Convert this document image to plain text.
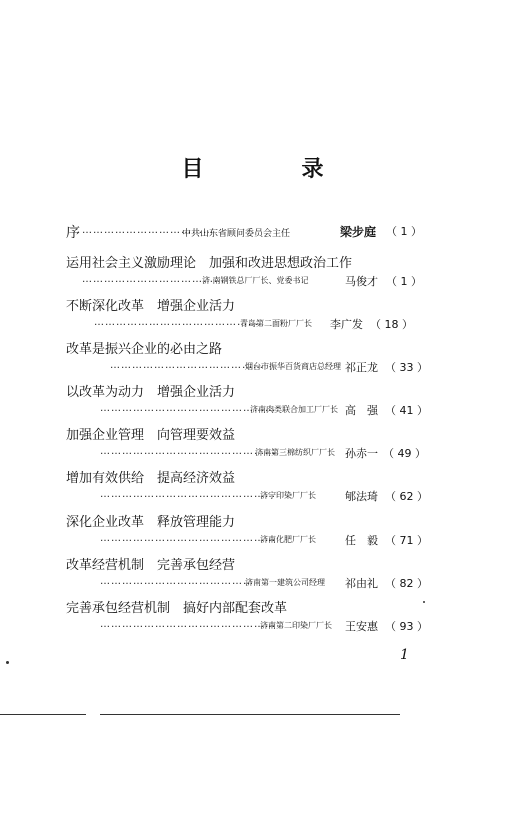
目　录
序 ………………………………
中共山东省顾问委员会主任	梁步庭 （ 1 ）
运用社会主义激励理论　加强和改进思想政治工作
…………………………………
济 南钢铁总厂厂长、党委书记	马俊才 （ 1 ）
不断深化改革　增强企业活力
………………………………………
青岛第二面粉厂厂长 李广发 （ 18 ）
改革是振兴企业的必由之路
……………………………………
烟台市振华百货商店总经理 祁正龙 （ 33 ）
以改革为动力　增强企业活力
…………………………………………
济南肉类联合加工厂厂长 高　强 （ 41 ）
加强企业管理　向管理要效益
…………………………………………
济南第三棉纺织厂厂长 孙赤一 （ 49 ）
增加有效供给　提高经济效益
…………………………………………
济宁印染厂厂长	郇法琦 （ 62 ）
深化企业改革　释放管理能力
…………………………………………
济南化肥厂厂长	任　毅 （ 71 ）
改革经营机制　完善承包经营
……………………………………
济南第一建筑公司经理 祁由礼 （ 82 ）
完善承包经营机制　搞好内部配套改革
…………………………………………
济南第二印染厂厂长 王安惠 （ 93 ）
1
